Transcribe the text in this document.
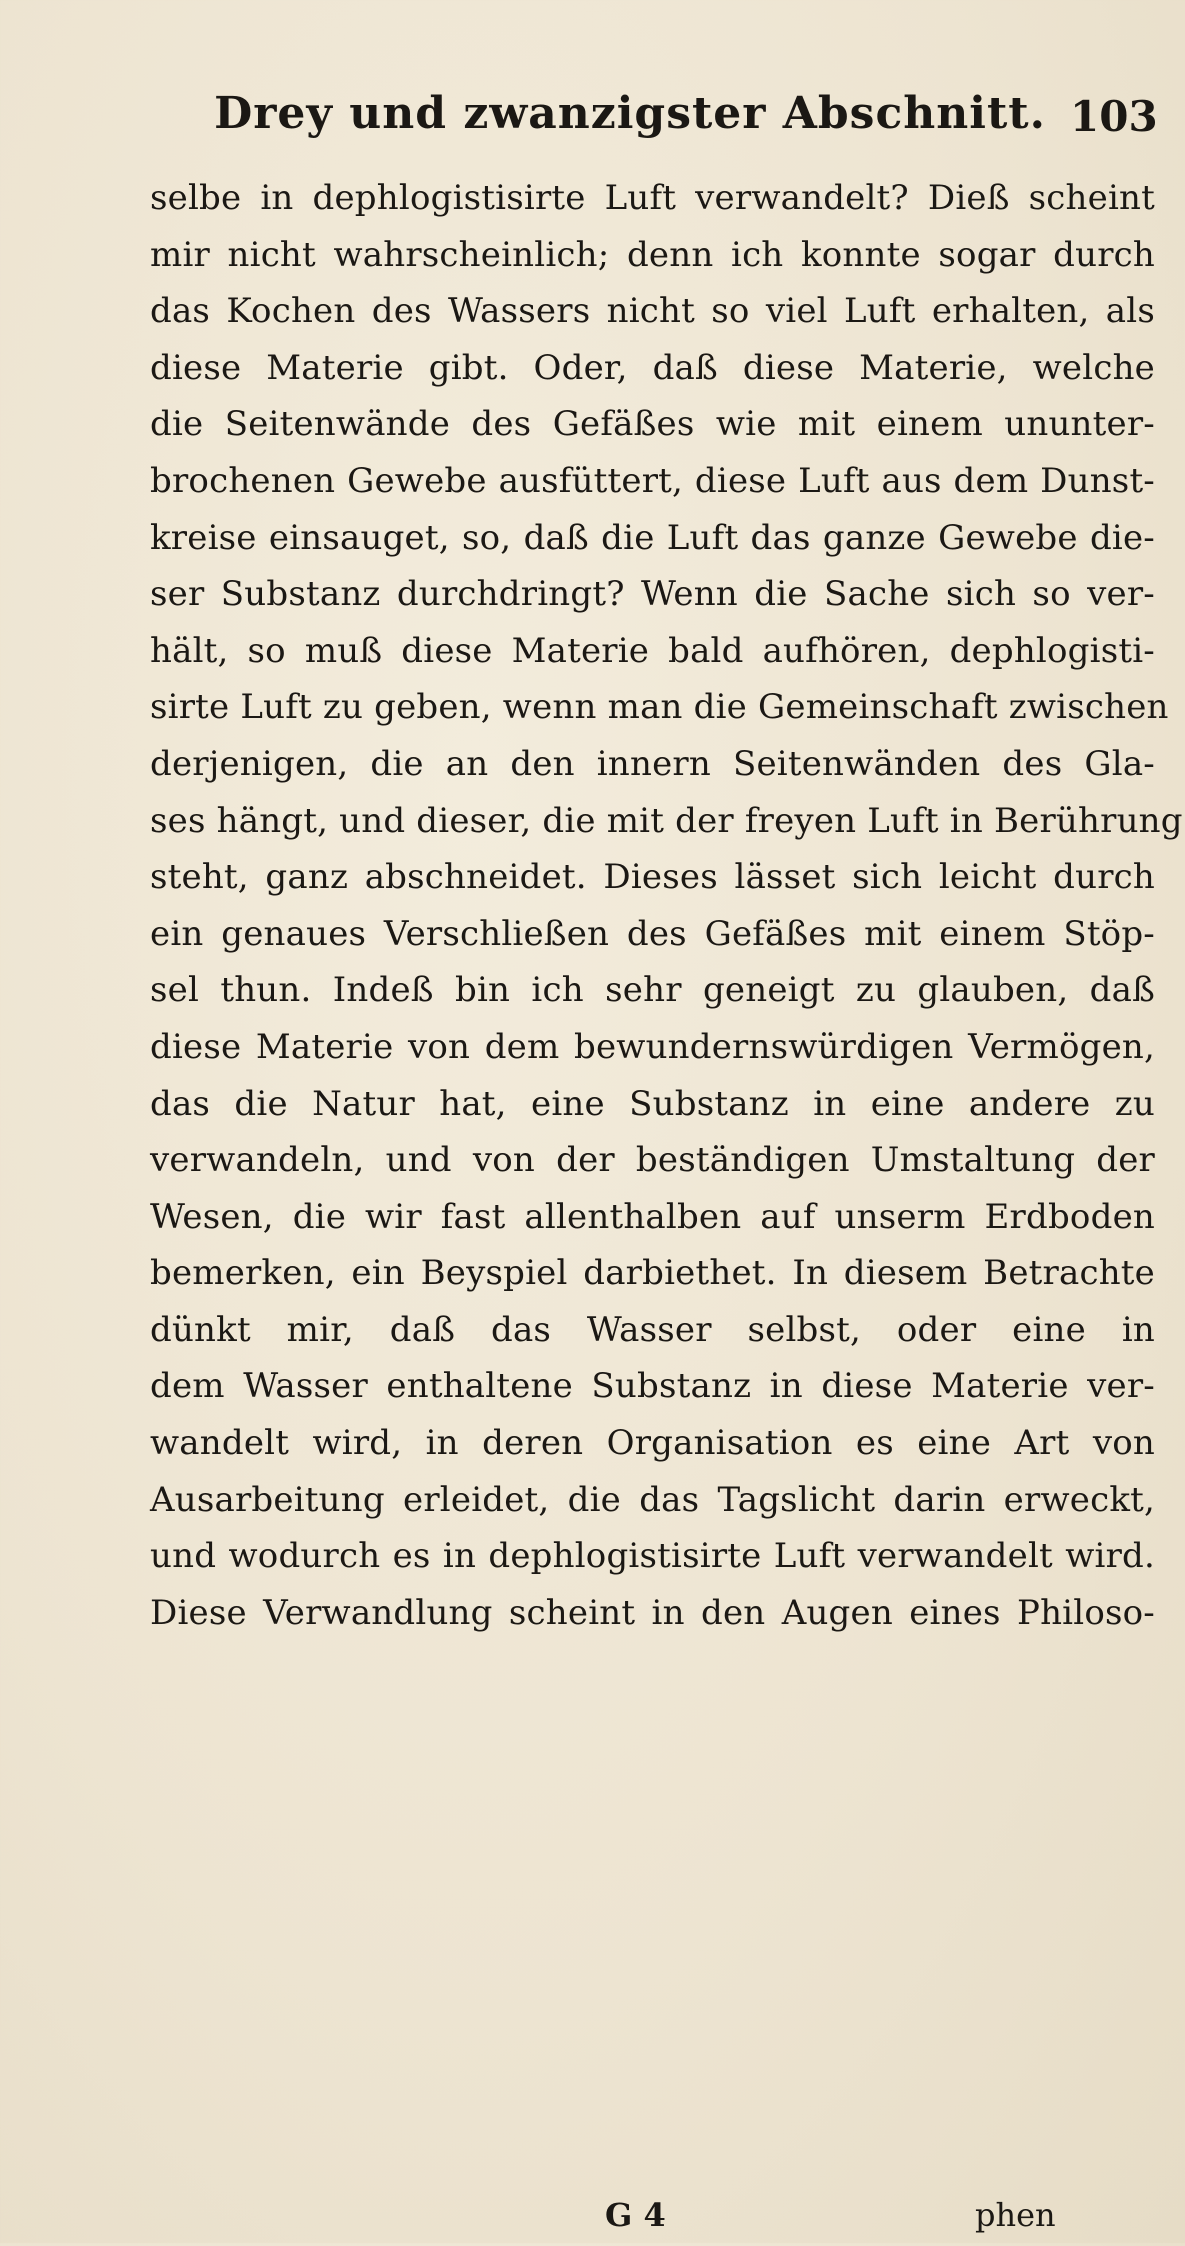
Drey und zwanzigster Abschnitt. 103
selbe in dephlogistisirte Luft verwandelt? Dieß scheint
mir nicht wahrscheinlich; denn ich konnte sogar durch
das Kochen des Wassers nicht so viel Luft erhalten, als
diese Materie gibt. Oder, daß diese Materie, welche
die Seitenwände des Gefäßes wie mit einem ununter-
brochenen Gewebe ausfüttert, diese Luft aus dem Dunst-
kreise einsauget, so, daß die Luft das ganze Gewebe die-
ser Substanz durchdringt? Wenn die Sache sich so ver-
hält, so muß diese Materie bald aufhören, dephlogisti-
sirte Luft zu geben, wenn man die Gemeinschaft zwischen
derjenigen, die an den innern Seitenwänden des Gla-
ses hängt, und dieser, die mit der freyen Luft in Berührung
steht, ganz abschneidet. Dieses lässet sich leicht durch
ein genaues Verschließen des Gefäßes mit einem Stöp-
sel thun. Indeß bin ich sehr geneigt zu glauben, daß
diese Materie von dem bewundernswürdigen Vermögen,
das die Natur hat, eine Substanz in eine andere zu
verwandeln, und von der beständigen Umstaltung der
Wesen, die wir fast allenthalben auf unserm Erdboden
bemerken, ein Beyspiel darbiethet. In diesem Betrachte
dünkt mir, daß das Wasser selbst, oder eine in
dem Wasser enthaltene Substanz in diese Materie ver-
wandelt wird, in deren Organisation es eine Art von
Ausarbeitung erleidet, die das Tagslicht darin erweckt,
und wodurch es in dephlogistisirte Luft verwandelt wird.
Diese Verwandlung scheint in den Augen eines Philoso-
G 4	phen
